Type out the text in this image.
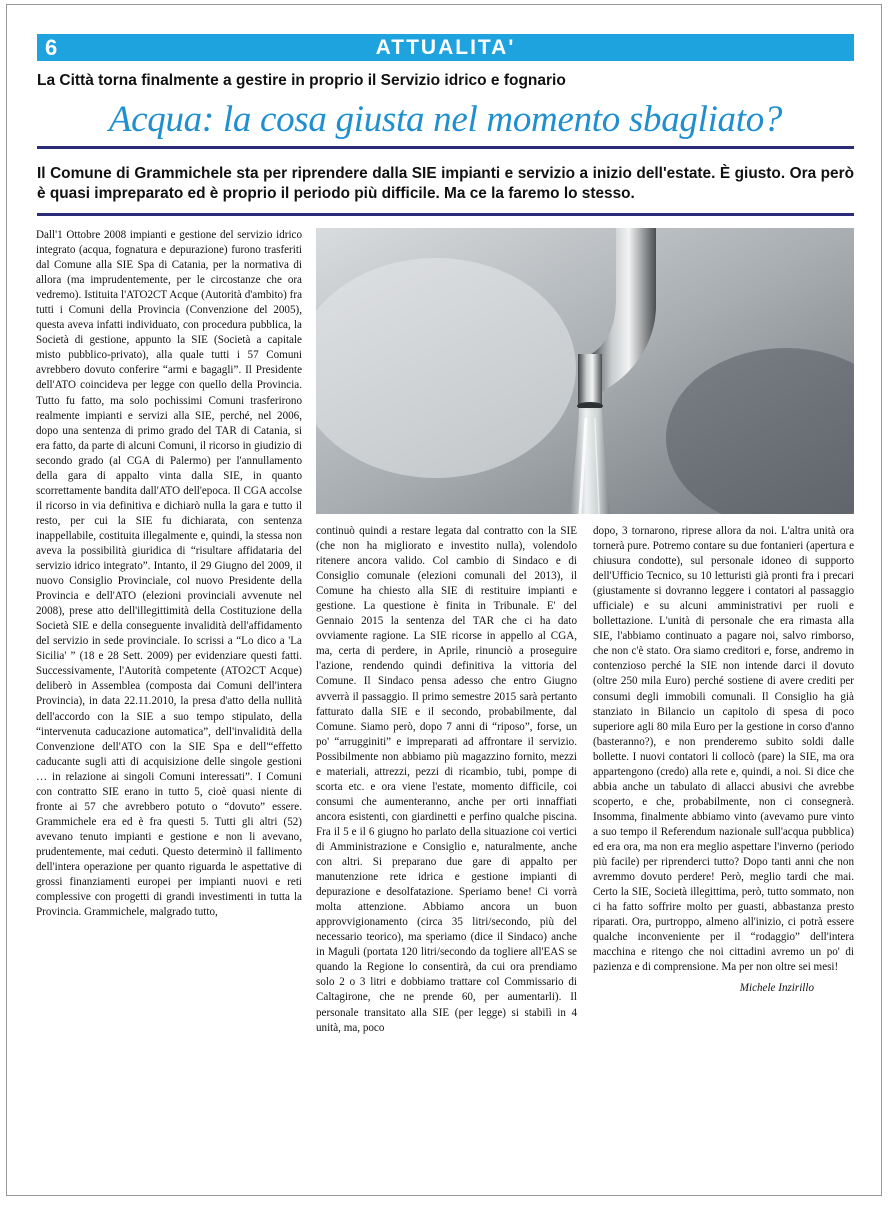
6	ATTUALITA'
La Città torna finalmente a gestire in proprio il Servizio idrico e fognario
Acqua: la cosa giusta nel momento sbagliato?
Il Comune di Grammichele sta per riprendere dalla SIE impianti e servizio a inizio dell'estate. È giusto. Ora però è quasi impreparato ed è proprio il periodo più difficile. Ma ce la faremo lo stesso.
Dall'1 Ottobre 2008 impianti e gestione del servizio idrico integrato (acqua, fognatura e depurazione) furono trasferiti dal Comune alla SIE Spa di Catania, per la normativa di allora (ma imprudentemente, per le circostanze che ora vedremo). Istituita l'ATO2CT Acque (Autorità d'ambito) fra tutti i Comuni della Provincia (Convenzione del 2005), questa aveva infatti individuato, con procedura pubblica, la Società di gestione, appunto la SIE (Società a capitale misto pubblico-privato), alla quale tutti i 57 Comuni avrebbero dovuto conferire “armi e bagagli”. Il Presidente dell'ATO coincideva per legge con quello della Provincia. Tutto fu fatto, ma solo pochissimi Comuni trasferirono realmente impianti e servizi alla SIE, perché, nel 2006, dopo una sentenza di primo grado del TAR di Catania, si era fatto, da parte di alcuni Comuni, il ricorso in giudizio di secondo grado (al CGA di Palermo) per l'annullamento della gara di appalto vinta dalla SIE, in quanto scorrettamente bandita dall'ATO dell'epoca. Il CGA accolse il ricorso in via definitiva e dichiarò nulla la gara e tutto il resto, per cui la SIE fu dichiarata, con sentenza inappellabile, costituita illegalmente e, quindi, la stessa non aveva la possibilità giuridica di “risultare affidataria del servizio idrico integrato”. Intanto, il 29 Giugno del 2009, il nuovo Consiglio Provinciale, col nuovo Presidente della Provincia e dell'ATO (elezioni provinciali avvenute nel 2008), prese atto dell'illegittimità della Costituzione della Società SIE e della conseguente invalidità dell'affidamento del servizio in sede provinciale. Io scrissi a “Lo dico a 'La Sicilia' ” (18 e 28 Sett. 2009) per evidenziare questi fatti. Successivamente, l'Autorità competente (ATO2CT Acque) deliberò in Assemblea (composta dai Comuni dell'intera Provincia), in data 22.11.2010, la presa d'atto della nullità dell'accordo con la SIE a suo tempo stipulato, della “intervenuta caducazione automatica”, dell'invalidità della Convenzione dell'ATO con la SIE Spa e dell'“effetto caducante sugli atti di acquisizione delle singole gestioni … in relazione ai singoli Comuni interessati”. I Comuni con contratto SIE erano in tutto 5, cioè quasi niente di fronte ai 57 che avrebbero potuto o “dovuto” essere. Grammichele era ed è fra questi 5. Tutti gli altri (52) avevano tenuto impianti e gestione e non li avevano, prudentemente, mai ceduti. Questo determinò il fallimento dell'intera operazione per quanto riguarda le aspettative di grossi finanziamenti europei per impianti nuovi e reti complessive con progetti di grandi investimenti in tutta la Provincia. Grammichele, malgrado tutto,
continuò quindi a restare legata dal contratto con la SIE (che non ha migliorato e investito nulla), volendolo ritenere ancora valido. Col cambio di Sindaco e di Consiglio comunale (elezioni comunali del 2013), il Comune ha chiesto alla SIE di restituire impianti e gestione. La questione è finita in Tribunale. E' del Gennaio 2015 la sentenza del TAR che ci ha dato ovviamente ragione. La SIE ricorse in appello al CGA, ma, certa di perdere, in Aprile, rinunciò a proseguire l'azione, rendendo quindi definitiva la vittoria del Comune. Il Sindaco pensa adesso che entro Giugno avverrà il passaggio. Il primo semestre 2015 sarà pertanto fatturato dalla SIE e il secondo, probabilmente, dal Comune. Siamo però, dopo 7 anni di “riposo”, forse, un po' “arrugginiti” e impreparati ad affrontare il servizio. Possibilmente non abbiamo più magazzino fornito, mezzi e materiali, attrezzi, pezzi di ricambio, tubi, pompe di scorta etc. e ora viene l'estate, momento difficile, coi consumi che aumenteranno, anche per orti innaffiati ancora esistenti, con giardinetti e perfino qualche piscina. Fra il 5 e il 6 giugno ho parlato della situazione coi vertici di Amministrazione e Consiglio e, naturalmente, anche con altri. Si preparano due gare di appalto per manutenzione rete idrica e gestione impianti di depurazione e desolfatazione. Speriamo bene! Ci vorrà molta attenzione. Abbiamo ancora un buon approvvigionamento (circa 35 litri/secondo, più del necessario teorico), ma speriamo (dice il Sindaco) anche in Maguli (portata 120 litri/secondo da togliere all'EAS se quando la Regione lo consentirà, da cui ora prendiamo solo 2 o 3 litri e dobbiamo trattare col Commissario di Caltagirone, che ne prende 60, per aumentarli). Il personale transitato alla SIE (per legge) si stabilì in 4 unità, ma, poco
dopo, 3 tornarono, riprese allora da noi. L'altra unità ora tornerà pure. Potremo contare su due fontanieri (apertura e chiusura condotte), sul personale idoneo di supporto dell'Ufficio Tecnico, su 10 letturisti già pronti fra i precari (giustamente si dovranno leggere i contatori al passaggio ufficiale) e su alcuni amministrativi per ruoli e bollettazione. L'unità di personale che era rimasta alla SIE, l'abbiamo continuato a pagare noi, salvo rimborso, che non c'è stato. Ora siamo creditori e, forse, andremo in contenzioso perché la SIE non intende darci il dovuto (oltre 250 mila Euro) perché sostiene di avere crediti per consumi degli immobili comunali. Il Consiglio ha già stanziato in Bilancio un capitolo di spesa di poco superiore agli 80 mila Euro per la gestione in corso d'anno (basteranno?), e non prenderemo subito soldi dalle bollette. I nuovi contatori li collocò (pare) la SIE, ma ora appartengono (credo) alla rete e, quindi, a noi. Si dice che abbia anche un tabulato di allacci abusivi che avrebbe scoperto, e che, probabilmente, non ci consegnerà. Insomma, finalmente abbiamo vinto (avevamo pure vinto a suo tempo il Referendum nazionale sull'acqua pubblica) ed era ora, ma non era meglio aspettare l'inverno (periodo più facile) per riprenderci tutto? Dopo tanti anni che non avremmo dovuto perdere! Però, meglio tardi che mai. Certo la SIE, Società illegittima, però, tutto sommato, non ci ha fatto soffrire molto per guasti, abbastanza presto riparati. Ora, purtroppo, almeno all'inizio, ci potrà essere qualche inconveniente per il “rodaggio” dell'intera macchina e ritengo che noi cittadini avremo un po' di pazienza e di comprensione. Ma per non oltre sei mesi!
Michele Inzirillo
